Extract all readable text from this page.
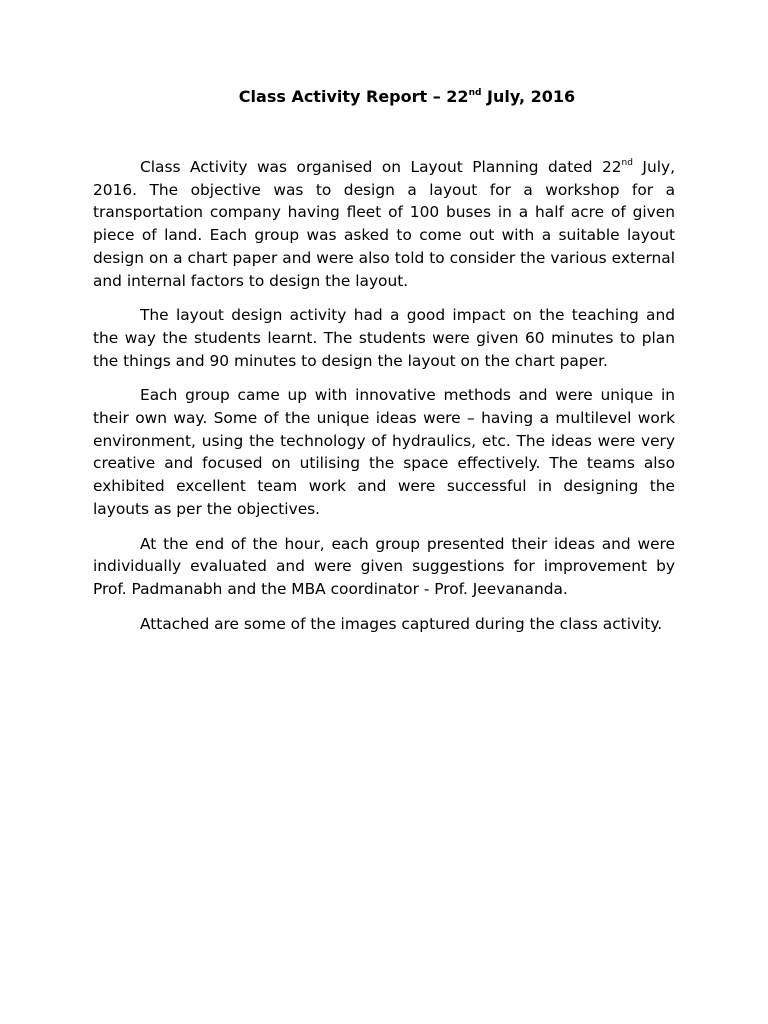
Class Activity Report – 22nd July, 2016

Class Activity was organised on Layout Planning dated 22nd July, 2016. The objective was to design a layout for a workshop for a transportation company having fleet of 100 buses in a half acre of given piece of land. Each group was asked to come out with a suitable layout design on a chart paper and were also told to consider the various external and internal factors to design the layout.

The layout design activity had a good impact on the teaching and the way the students learnt. The students were given 60 minutes to plan the things and 90 minutes to design the layout on the chart paper.

Each group came up with innovative methods and were unique in their own way. Some of the unique ideas were – having a multilevel work environment, using the technology of hydraulics, etc. The ideas were very creative and focused on utilising the space effectively. The teams also exhibited excellent team work and were successful in designing the layouts as per the objectives.

At the end of the hour, each group presented their ideas and were individually evaluated and were given suggestions for improvement by Prof. Padmanabh and the MBA coordinator - Prof. Jeevananda.

Attached are some of the images captured during the class activity.
